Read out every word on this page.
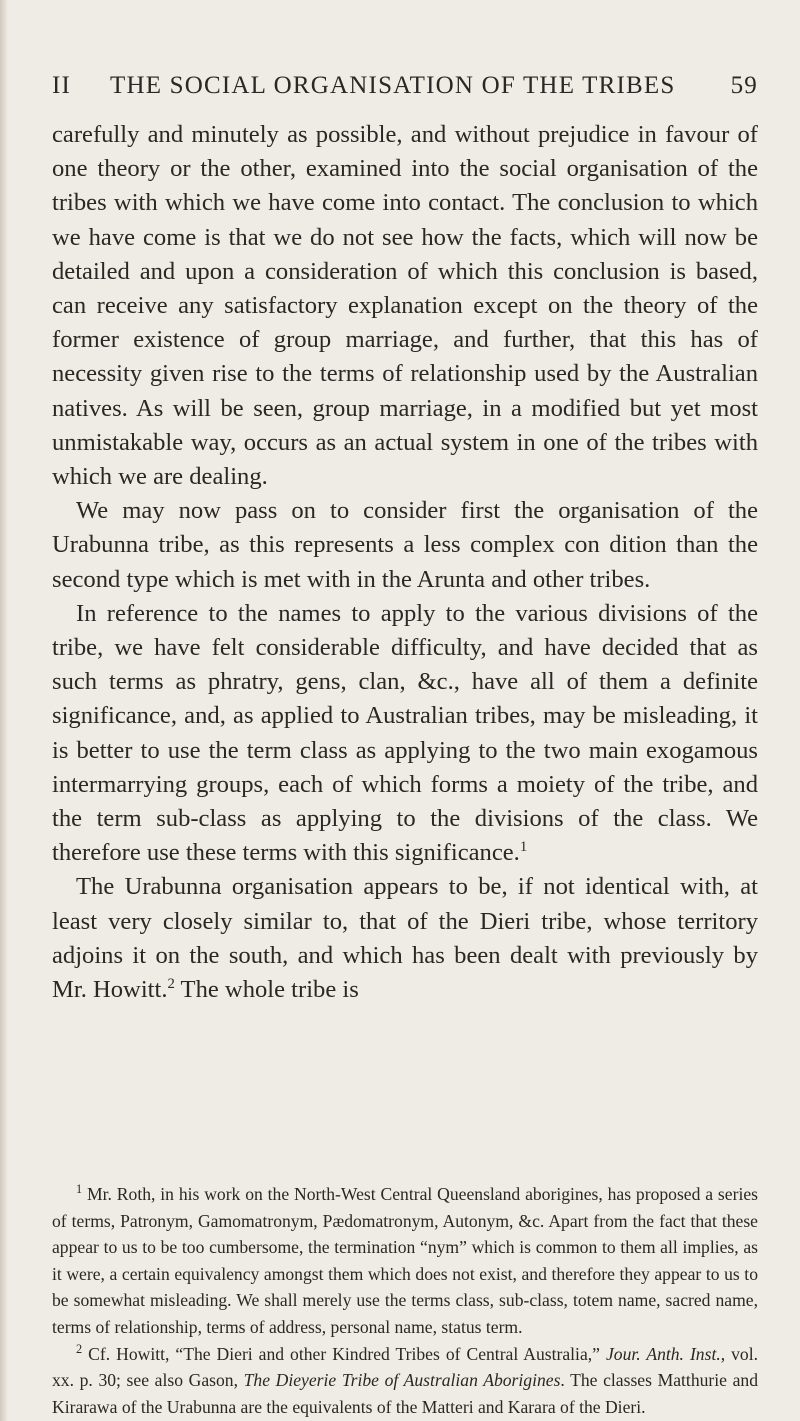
II THE SOCIAL ORGANISATION OF THE TRIBES 59

carefully and minutely as possible, and without prejudice in favour of one theory or the other, examined into the social organisation of the tribes with which we have come into contact. The conclusion to which we have come is that we do not see how the facts, which will now be detailed and upon a consideration of which this conclusion is based, can receive any satisfactory explanation except on the theory of the former existence of group marriage, and further, that this has of necessity given rise to the terms of relationship used by the Australian natives. As will be seen, group marriage, in a modified but yet most unmistakable way, occurs as an actual system in one of the tribes with which we are dealing.

We may now pass on to consider first the organisation of the Urabunna tribe, as this represents a less complex con dition than the second type which is met with in the Arunta and other tribes.

In reference to the names to apply to the various divisions of the tribe, we have felt considerable difficulty, and have decided that as such terms as phratry, gens, clan, &c., have all of them a definite significance, and, as applied to Australian tribes, may be misleading, it is better to use the term class as applying to the two main exogamous intermarrying groups, each of which forms a moiety of the tribe, and the term sub-class as applying to the divisions of the class. We therefore use these terms with this significance.$^1$

The Urabunna organisation appears to be, if not identical with, at least very closely similar to, that of the Dieri tribe, whose territory adjoins it on the south, and which has been dealt with previously by Mr. Howitt.$^2$ The whole tribe is

$^1$ Mr. Roth, in his work on the North-West Central Queensland aborigines, has proposed a series of terms, Patronym, Gamomatronym, Pædomatronym, Autonym, &c. Apart from the fact that these appear to us to be too cumbersome, the termination “nym” which is common to them all implies, as it were, a certain equivalency amongst them which does not exist, and therefore they appear to us to be somewhat misleading. We shall merely use the terms class, sub-class, totem name, sacred name, terms of relationship, terms of address, personal name, status term.

$^2$ Cf. Howitt, “The Dieri and other Kindred Tribes of Central Australia,” Jour. Anth. Inst., vol. xx. p. 30; see also Gason, The Dieyerie Tribe of Australian Aborigines. The classes Matthurie and Kirarawa of the Urabunna are the equivalents of the Matteri and Karara of the Dieri.
